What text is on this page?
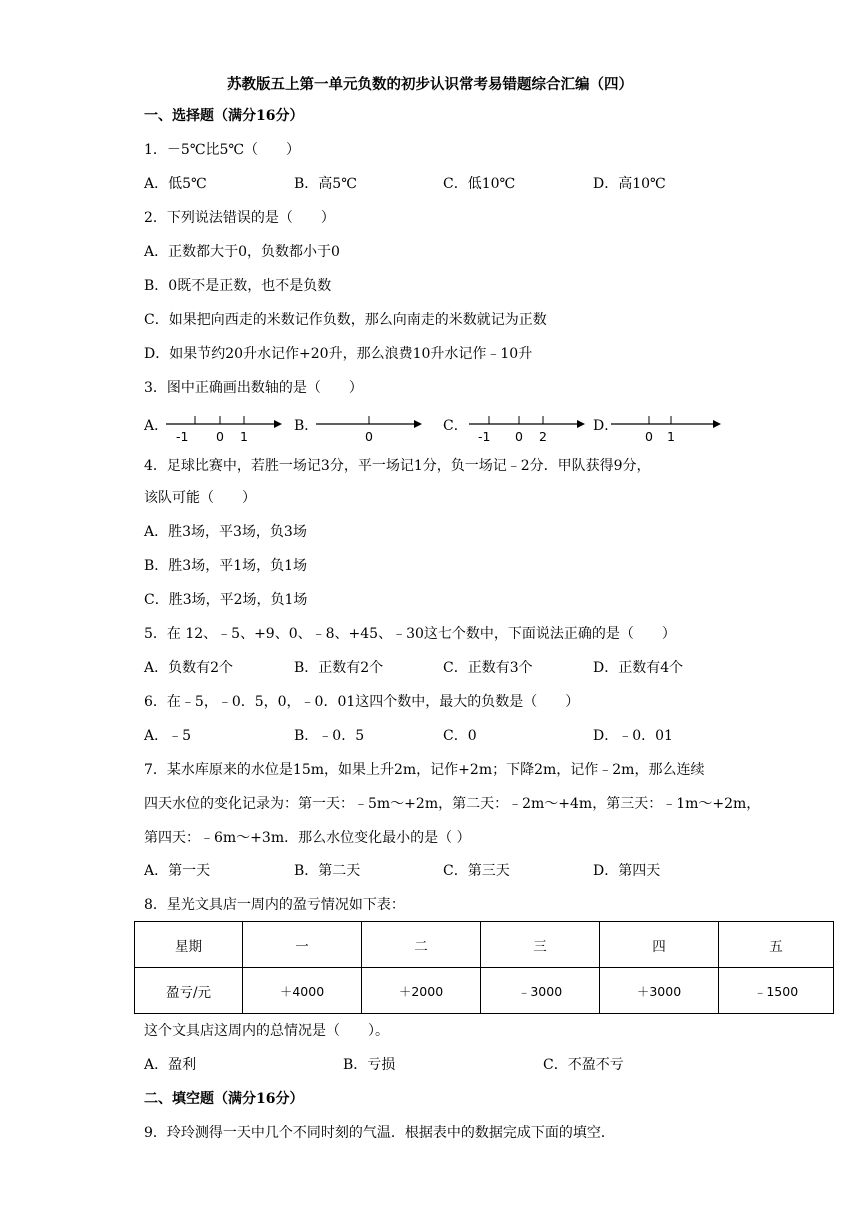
苏教版五上第一单元负数的初步认识常考易错题综合汇编（四）
一、选择题（满分16分）
1．－5℃比5℃（　　）
A．低5℃	B．高5℃	C．低10℃	D．高10℃
2．下列说法错误的是（　　）
A．正数都大于0，负数都小于0
B．0既不是正数，也不是负数
C．如果把向西走的米数记作负数，那么向南走的米数就记为正数
D．如果节约20升水记作+20升，那么浪费10升水记作﹣10升
3．图中正确画出数轴的是（　　）
A．
-1 0 1
B．
0
C．
-1 0 2
D．
0 1
4．足球比赛中，若胜一场记3分，平一场记1分，负一场记﹣2分．甲队获得9分，
该队可能（　　）
A．胜3场，平3场，负3场
B．胜3场，平1场，负1场
C．胜3场，平2场，负1场
5．在 12、﹣5、+9、0、﹣8、+45、﹣30这七个数中，下面说法正确的是（　　）
A．负数有2个	B．正数有2个	C．正数有3个	D．正数有4个
6．在﹣5，﹣0．5，0，﹣0．01这四个数中，最大的负数是（　　）
A．﹣5	B．﹣0．5	C．0	D．﹣0．01
7．某水库原来的水位是15m，如果上升2m，记作+2m；下降2m，记作﹣2m，那么连续
四天水位的变化记录为：第一天：﹣5m～+2m，第二天：﹣2m～+4m，第三天：﹣1m～+2m，
第四天：﹣6m～+3m．那么水位变化最小的是（ ）
A．第一天	B．第二天	C．第三天	D．第四天
8．星光文具店一周内的盈亏情况如下表：
星期	一	二	三	四	五
盈亏/元	＋4000	＋2000	﹣3000	＋3000	﹣1500
这个文具店这周内的总情况是（　　）。
A．盈利	B．亏损	C．不盈不亏
二、填空题（满分16分）
9．玲玲测得一天中几个不同时刻的气温．根据表中的数据完成下面的填空．
